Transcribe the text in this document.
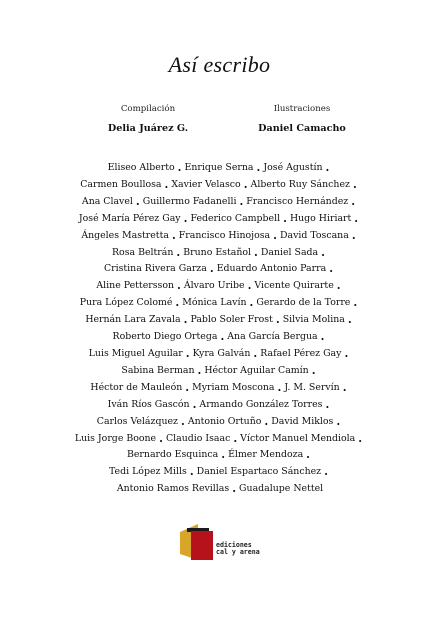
Así escribo
Compilación
Delia Juárez G.
Ilustraciones
Daniel Camacho
Eliseo Alberto . Enrique Serna . José Agustín .
Carmen Boullosa . Xavier Velasco . Alberto Ruy Sánchez .
Ana Clavel . Guillermo Fadanelli . Francisco Hernández .
José María Pérez Gay . Federico Campbell . Hugo Hiriart .
Ángeles Mastretta . Francisco Hinojosa . David Toscana .
Rosa Beltrán . Bruno Estañol . Daniel Sada .
Cristina Rivera Garza . Eduardo Antonio Parra .
Aline Pettersson . Álvaro Uribe . Vicente Quirarte .
Pura López Colomé . Mónica Lavín . Gerardo de la Torre .
Hernán Lara Zavala . Pablo Soler Frost . Silvia Molina .
Roberto Diego Ortega . Ana García Bergua .
Luis Miguel Aguilar . Kyra Galván . Rafael Pérez Gay .
Sabina Berman . Héctor Aguilar Camín .
Héctor de Mauleón . Myriam Moscona . J. M. Servín .
Iván Ríos Gascón . Armando González Torres .
Carlos Velázquez . Antonio Ortuño . David Miklos .
Luis Jorge Boone . Claudio Isaac . Víctor Manuel Mendiola .
Bernardo Esquinca . Élmer Mendoza .
Tedi López Mills . Daniel Espartaco Sánchez .
Antonio Ramos Revillas . Guadalupe Nettel
ediciones
cal y arena
